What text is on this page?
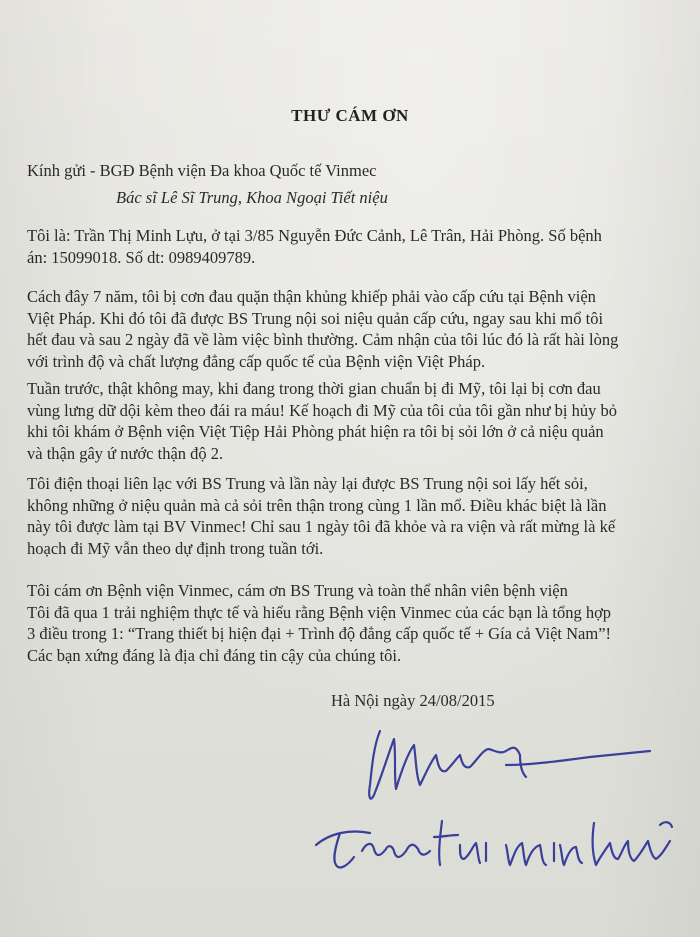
THƯ CÁM ƠN
Kính gửi - BGĐ Bệnh viện Đa khoa Quốc tế Vinmec
Bác sĩ Lê Sĩ Trung, Khoa Ngoại Tiết niệu
Tôi là: Trần Thị Minh Lựu, ở tại 3/85 Nguyễn Đức Cảnh, Lê Trân, Hải Phòng. Số bệnh
án: 15099018. Số dt: 0989409789.
Cách đây 7 năm, tôi bị cơn đau quặn thận khủng khiếp phải vào cấp cứu tại Bệnh viện
Việt Pháp. Khi đó tôi đã được BS Trung nội soi niệu quản cấp cứu, ngay sau khi mổ tôi
hết đau và sau 2 ngày đã về làm việc bình thường. Cảm nhận của tôi lúc đó là rất hài lòng
với trình độ và chất lượng đẳng cấp quốc tế của Bệnh viện Việt Pháp.
Tuần trước, thật không may, khi đang trong thời gian chuẩn bị đi Mỹ, tôi lại bị cơn đau
vùng lưng dữ dội kèm theo đái ra máu! Kế hoạch đi Mỹ của tôi của tôi gần như bị hủy bỏ
khi tôi khám ở Bệnh viện Việt Tiệp Hải Phòng phát hiện ra tôi bị sỏi lớn ở cả niệu quản
và thận gây ứ nước thận độ 2.
Tôi điện thoại liên lạc với BS Trung và lần này lại được BS Trung nội soi lấy hết sỏi,
không những ở niệu quản mà cả sỏi trên thận trong cùng 1 lần mổ. Điều khác biệt là lần
này tôi được làm tại BV Vinmec! Chỉ sau 1 ngày tôi đã khỏe và ra viện và rất mừng là kế
hoạch đi Mỹ vẫn theo dự định trong tuần tới.
Tôi cám ơn Bệnh viện Vinmec, cám ơn BS Trung và toàn thể nhân viên bệnh viện
Tôi đã qua 1 trải nghiệm thực tế và hiểu rằng Bệnh viện Vinmec của các bạn là tổng hợp
3 điều trong 1: “Trang thiết bị hiện đại + Trình độ đẳng cấp quốc tế + Gía cả Việt Nam”!
Các bạn xứng đáng là địa chỉ đáng tin cậy của chúng tôi.
Hà Nội ngày 24/08/2015
